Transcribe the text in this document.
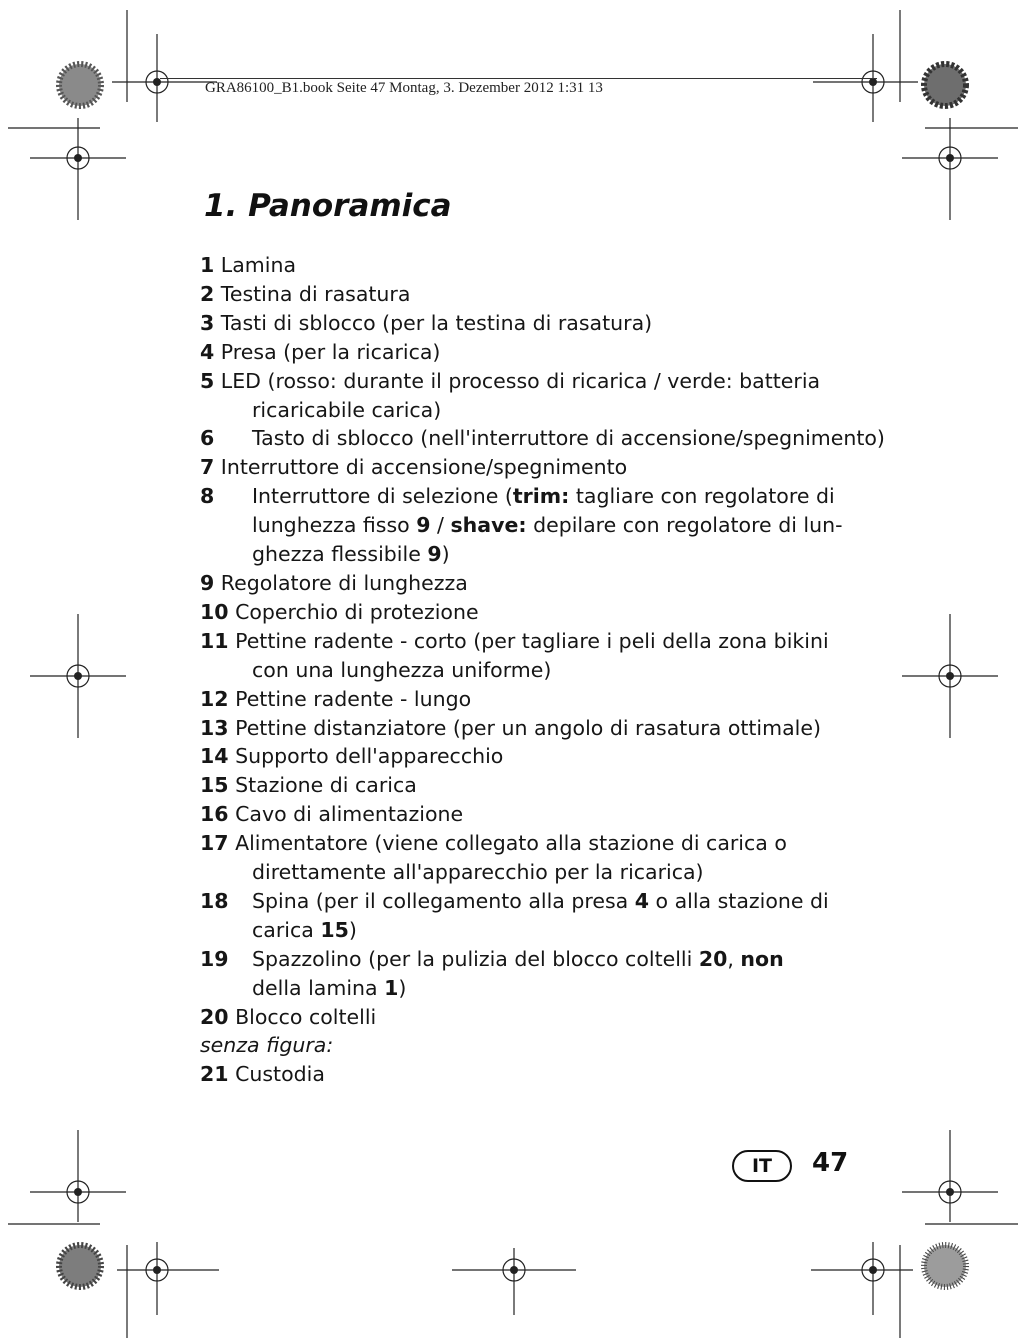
GRA86100_B1.book Seite 47 Montag, 3. Dezember 2012 1:31 13
1. Panoramica
1 Lamina
2 Testina di rasatura
3 Tasti di sblocco (per la testina di rasatura)
4 Presa (per la ricarica)
5 LED (rosso: durante il processo di ricarica / verde: batteria
ricaricabile carica)
6 Tasto di sblocco (nell'interruttore di accensione/spegnimento)
7 Interruttore di accensione/spegnimento
8 Interruttore di selezione (trim: tagliare con regolatore di
lunghezza fisso 9 / shave: depilare con regolatore di lun-
ghezza flessibile 9)
9 Regolatore di lunghezza
10 Coperchio di protezione
11 Pettine radente - corto (per tagliare i peli della zona bikini
con una lunghezza uniforme)
12 Pettine radente - lungo
13 Pettine distanziatore (per un angolo di rasatura ottimale)
14 Supporto dell'apparecchio
15 Stazione di carica
16 Cavo di alimentazione
17 Alimentatore (viene collegato alla stazione di carica o
direttamente all'apparecchio per la ricarica)
18 Spina (per il collegamento alla presa 4 o alla stazione di
carica 15)
19 Spazzolino (per la pulizia del blocco coltelli 20, non
della lamina 1)
20 Blocco coltelli
senza figura:
21 Custodia
IT	47
